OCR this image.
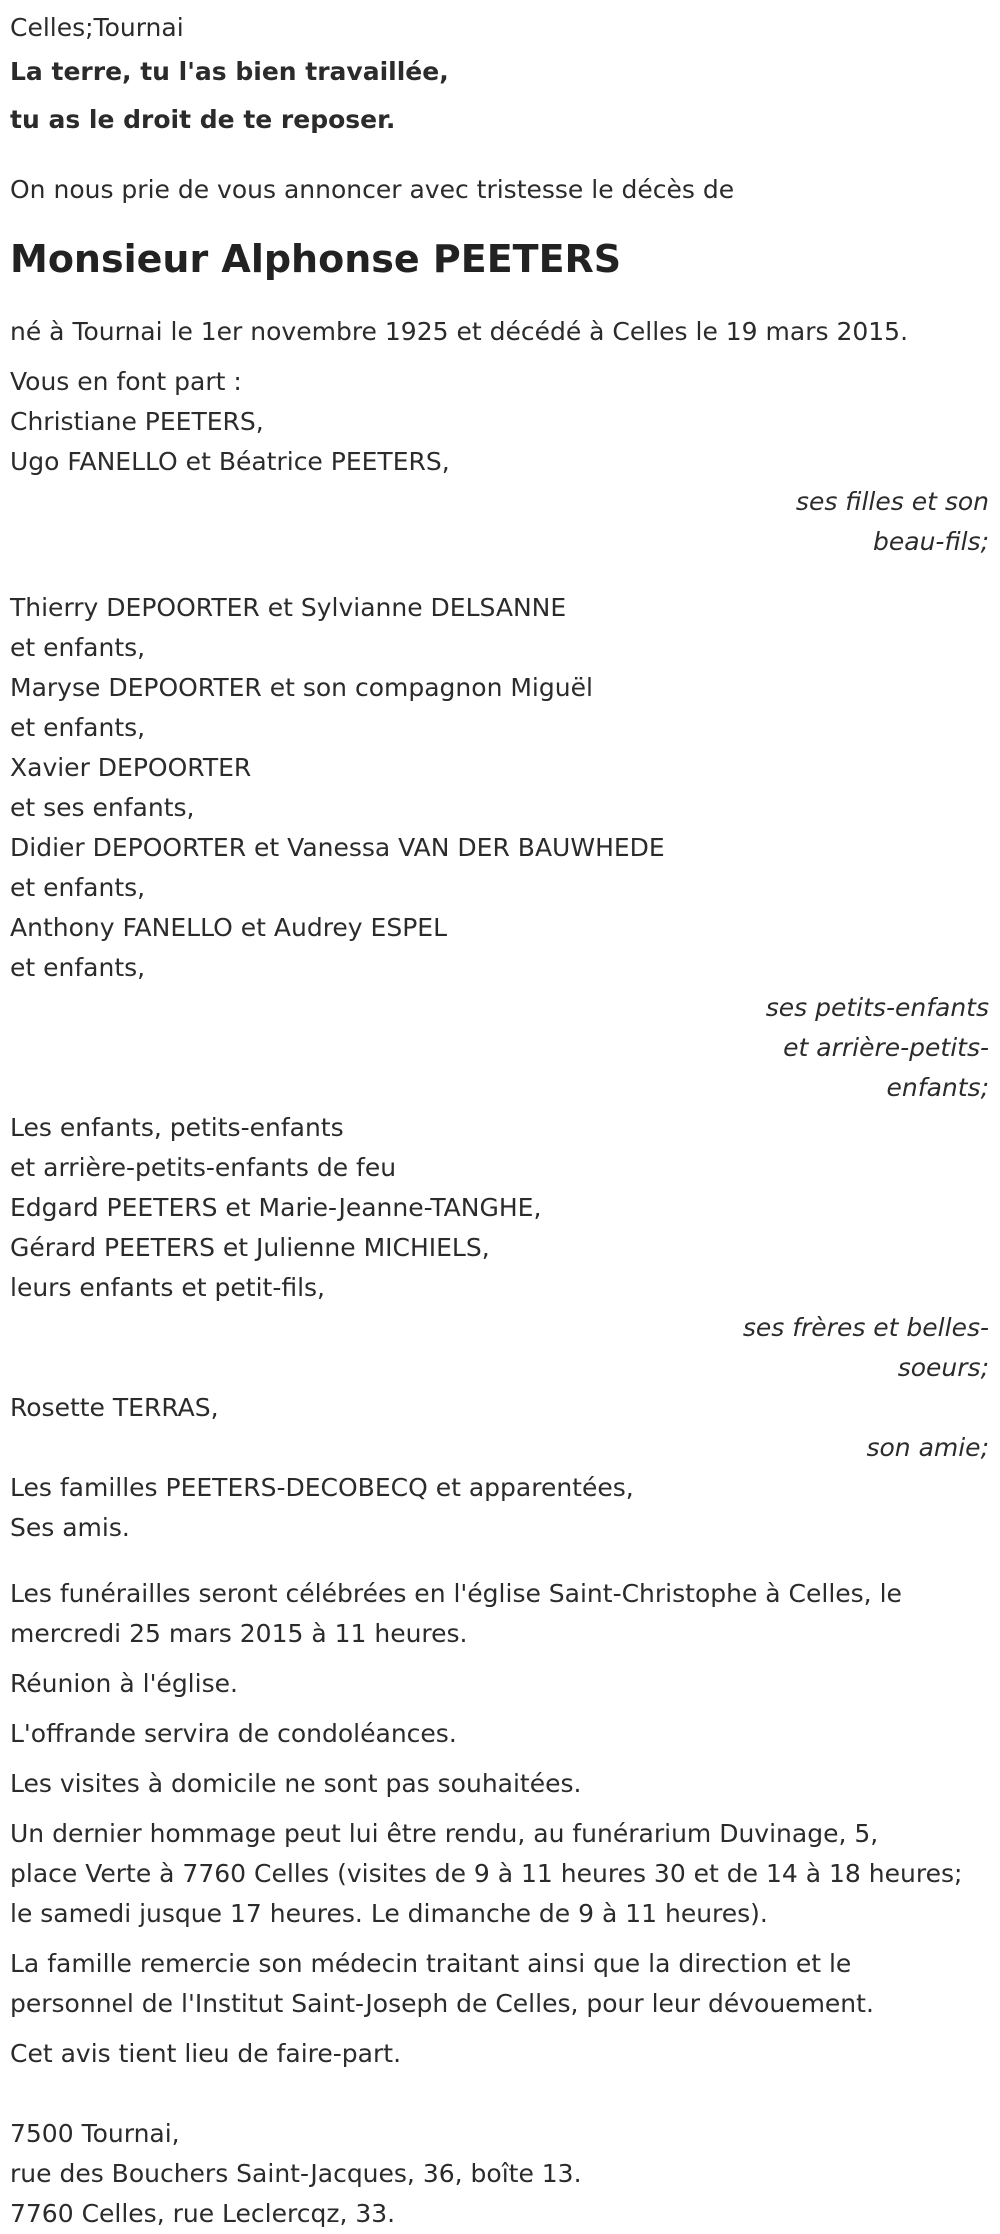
Celles;Tournai
La terre, tu l'as bien travaillée,
tu as le droit de te reposer.
On nous prie de vous annoncer avec tristesse le décès de
Monsieur Alphonse PEETERS
né à Tournai le 1er novembre 1925 et décédé à Celles le 19 mars 2015.
Vous en font part :
Christiane PEETERS,
Ugo FANELLO et Béatrice PEETERS,
ses filles et son
beau-fils;
Thierry DEPOORTER et Sylvianne DELSANNE
et enfants,
Maryse DEPOORTER et son compagnon Miguël
et enfants,
Xavier DEPOORTER
et ses enfants,
Didier DEPOORTER et Vanessa VAN DER BAUWHEDE
et enfants,
Anthony FANELLO et Audrey ESPEL
et enfants,
ses petits-enfants
et arrière-petits-
enfants;
Les enfants, petits-enfants
et arrière-petits-enfants de feu
Edgard PEETERS et Marie-Jeanne-TANGHE,
Gérard PEETERS et Julienne MICHIELS,
leurs enfants et petit-fils,
ses frères et belles-
soeurs;
Rosette TERRAS,
son amie;
Les familles PEETERS-DECOBECQ et apparentées,
Ses amis.
Les funérailles seront célébrées en l'église Saint-Christophe à Celles, le
mercredi 25 mars 2015 à 11 heures.
Réunion à l'église.
L'offrande servira de condoléances.
Les visites à domicile ne sont pas souhaitées.
Un dernier hommage peut lui être rendu, au funérarium Duvinage, 5,
place Verte à 7760 Celles (visites de 9 à 11 heures 30 et de 14 à 18 heures;
le samedi jusque 17 heures. Le dimanche de 9 à 11 heures).
La famille remercie son médecin traitant ainsi que la direction et le
personnel de l'Institut Saint-Joseph de Celles, pour leur dévouement.
Cet avis tient lieu de faire-part.
7500 Tournai,
rue des Bouchers Saint-Jacques, 36, boîte 13.
7760 Celles, rue Leclercqz, 33.
